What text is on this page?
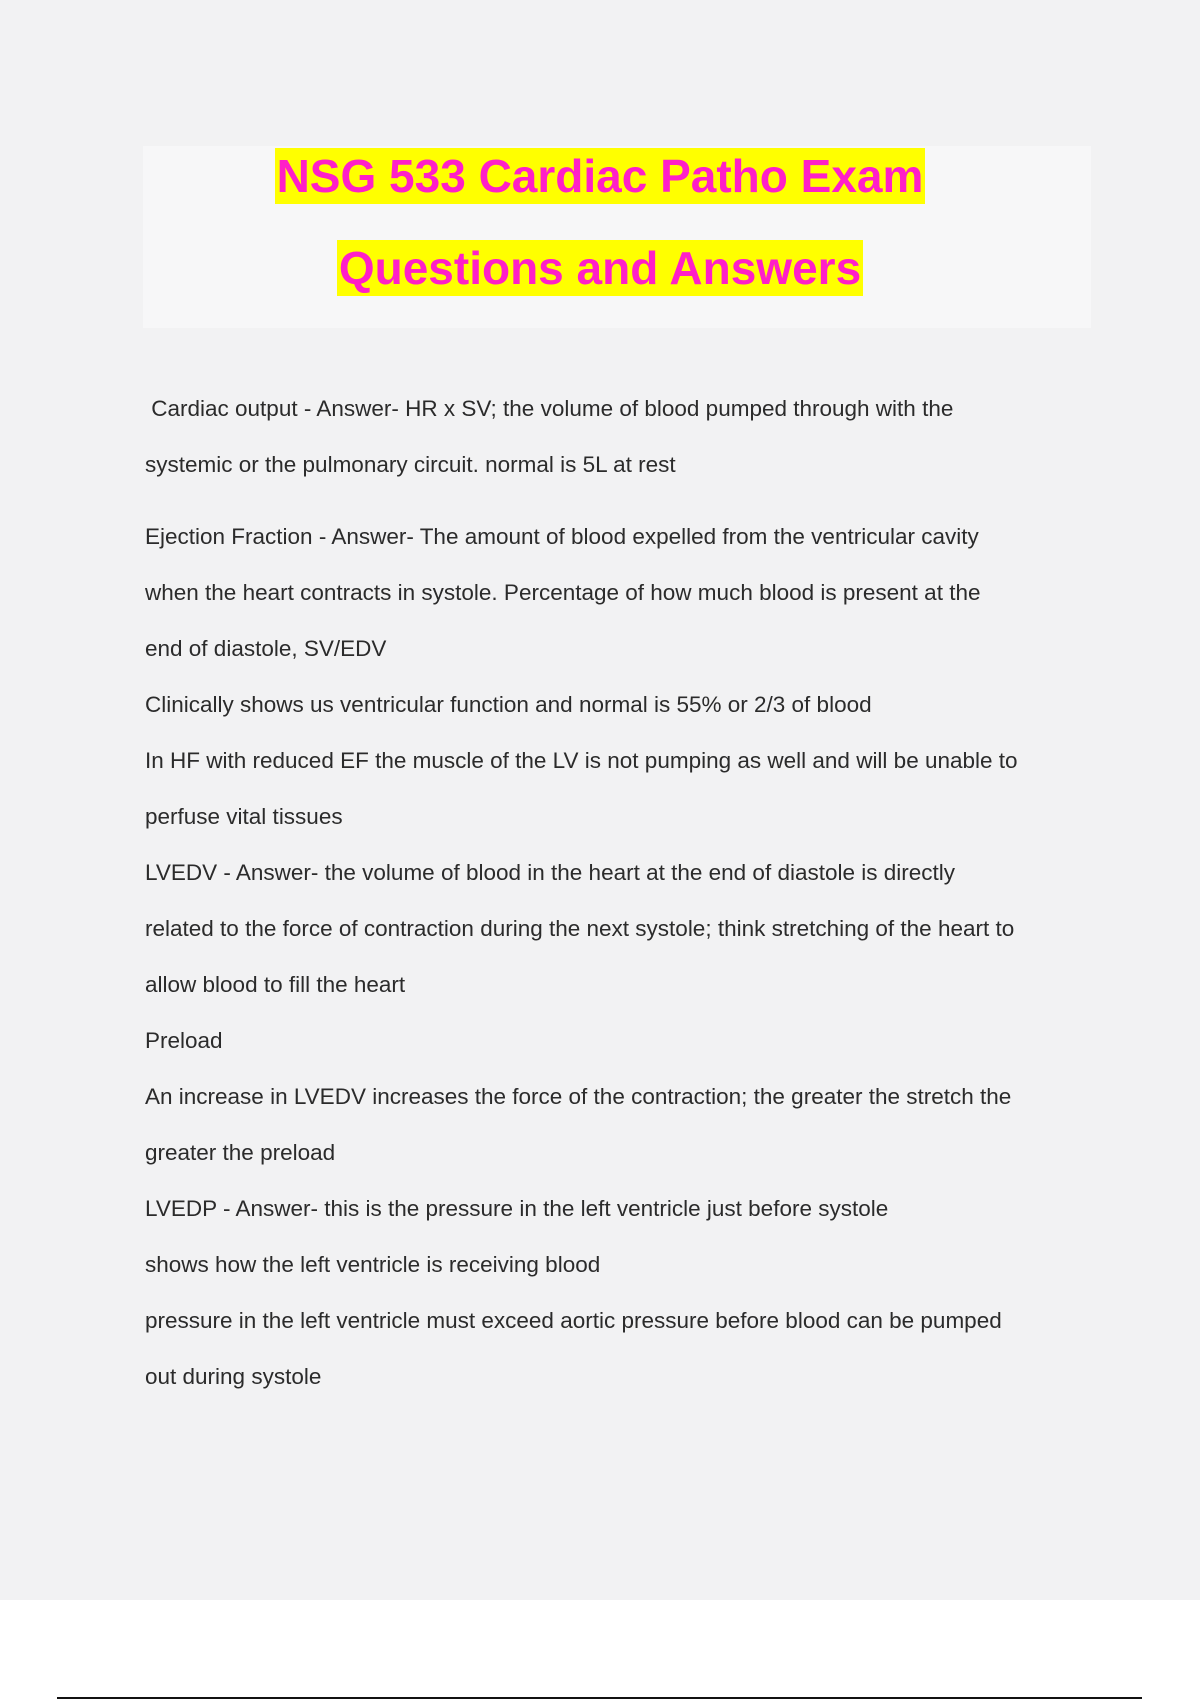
NSG 533 Cardiac Patho Exam
Questions and Answers
Cardiac output - Answer- HR x SV; the volume of blood pumped through with the
systemic or the pulmonary circuit. normal is 5L at rest
Ejection Fraction - Answer- The amount of blood expelled from the ventricular cavity
when the heart contracts in systole. Percentage of how much blood is present at the
end of diastole, SV/EDV
Clinically shows us ventricular function and normal is 55% or 2/3 of blood
In HF with reduced EF the muscle of the LV is not pumping as well and will be unable to
perfuse vital tissues
LVEDV - Answer- the volume of blood in the heart at the end of diastole is directly
related to the force of contraction during the next systole; think stretching of the heart to
allow blood to fill the heart
Preload
An increase in LVEDV increases the force of the contraction; the greater the stretch the
greater the preload
LVEDP - Answer- this is the pressure in the left ventricle just before systole
shows how the left ventricle is receiving blood
pressure in the left ventricle must exceed aortic pressure before blood can be pumped
out during systole
